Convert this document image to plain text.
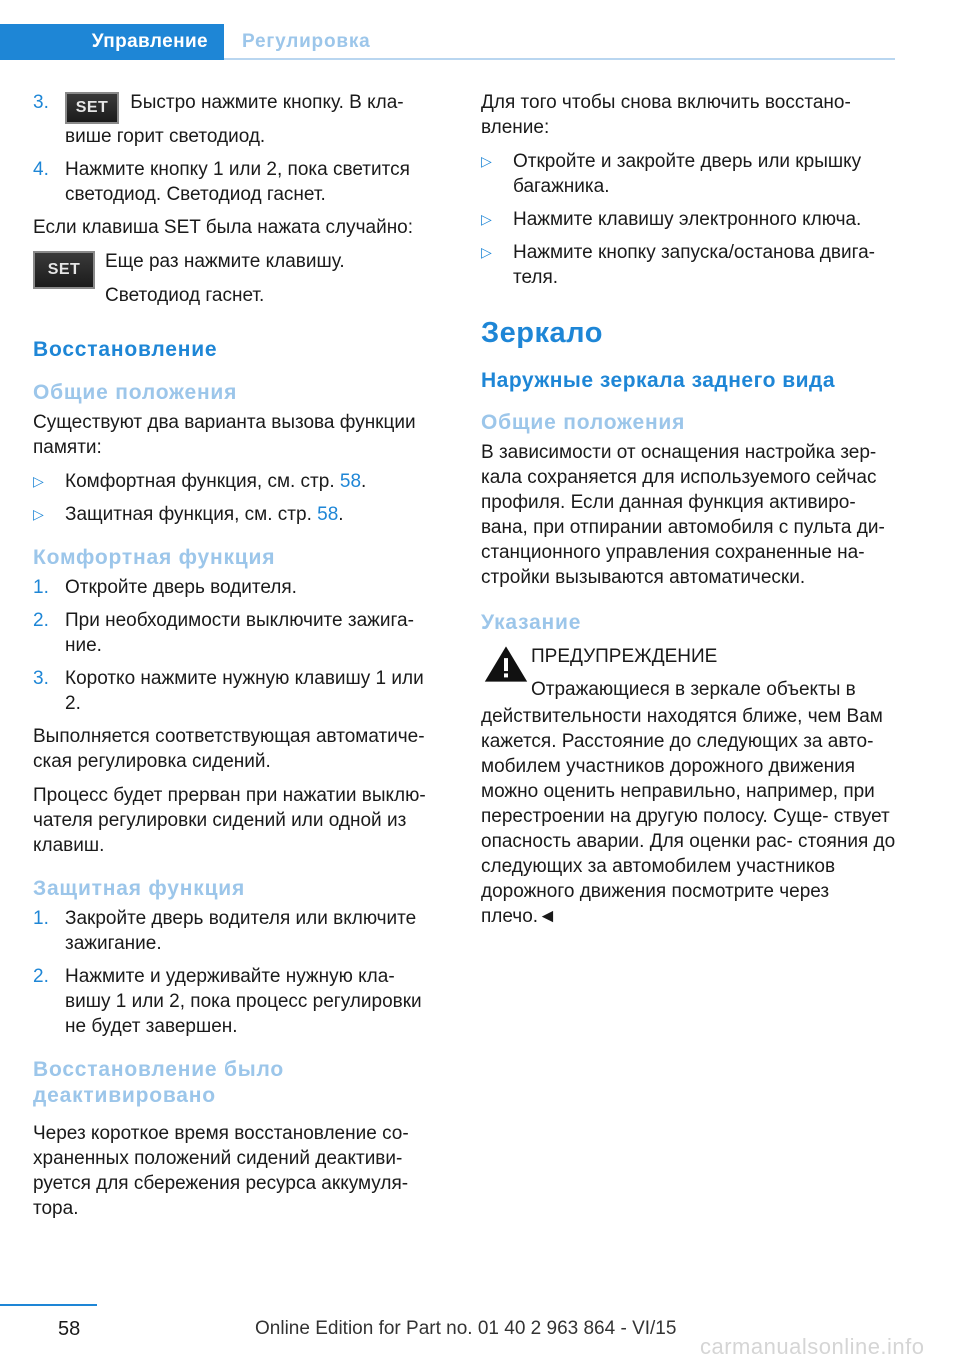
Управление	Регулировка
3.	SET Быстро нажмите кнопку. В кла‐ више горит светодиод.
4. Нажмите кнопку 1 или 2, пока светится светодиод. Светодиод гаснет.

Если клавиша SET была нажата случайно:

SET	Еще раз нажмите клавишу.

Светодиод гаснет.

Восстановление
Общие положения

Существуют два варианта вызова функции памяти:

▷	Комфортная функция, см. стр. 58.
▷	Защитная функция, см. стр. 58.
Комфортная функция
1. Откройте дверь водителя.
2. При необходимости выключите зажига‐ ние.
3. Коротко нажмите нужную клавишу 1 или 2.

Выполняется соответствующая автоматиче‐ ская регулировка сидений.

Процесс будет прерван при нажатии выклю‐ чателя регулировки сидений или одной из клавиш.

Защитная функция
1. Закройте дверь водителя или включите зажигание.
2. Нажмите и удерживайте нужную кла‐ вишу 1 или 2, пока процесс регулировки не будет завершен.
Восстановление было деактивировано

Через короткое время восстановление со‐ храненных положений сидений деактиви‐ руется для сбережения ресурса аккумуля‐ тора.

Для того чтобы снова включить восстано‐ вление:

▷	Откройте и закройте дверь или крышку багажника.
▷	Нажмите клавишу электронного ключа.
▷	Нажмите кнопку запуска/останова двига‐ теля.
Зеркало
Наружные зеркала заднего вида
Общие положения

В зависимости от оснащения настройка зер‐ кала сохраняется для используемого сейчас профиля. Если данная функция активиро‐ вана, при отпирании автомобиля с пульта ди‐ станционного управления сохраненные на‐ стройки вызываются автоматически.

Указание
ПРЕДУПРЕЖДЕНИЕ
Отражающиеся в зеркале объекты в

действительности находятся ближе, чем Вам кажется. Расстояние до следующих за авто‐ мобилем участников дорожного движения можно оценить неправильно, например, при перестроении на другую полосу. Суще‐ ствует опасность аварии. Для оценки рас‐ стояния до следующих за автомобилем участников дорожного движения посмотрите через плечо.◄

58	Online Edition for Part no. 01 40 2 963 864 - VI/15
carmanualsonline.info
